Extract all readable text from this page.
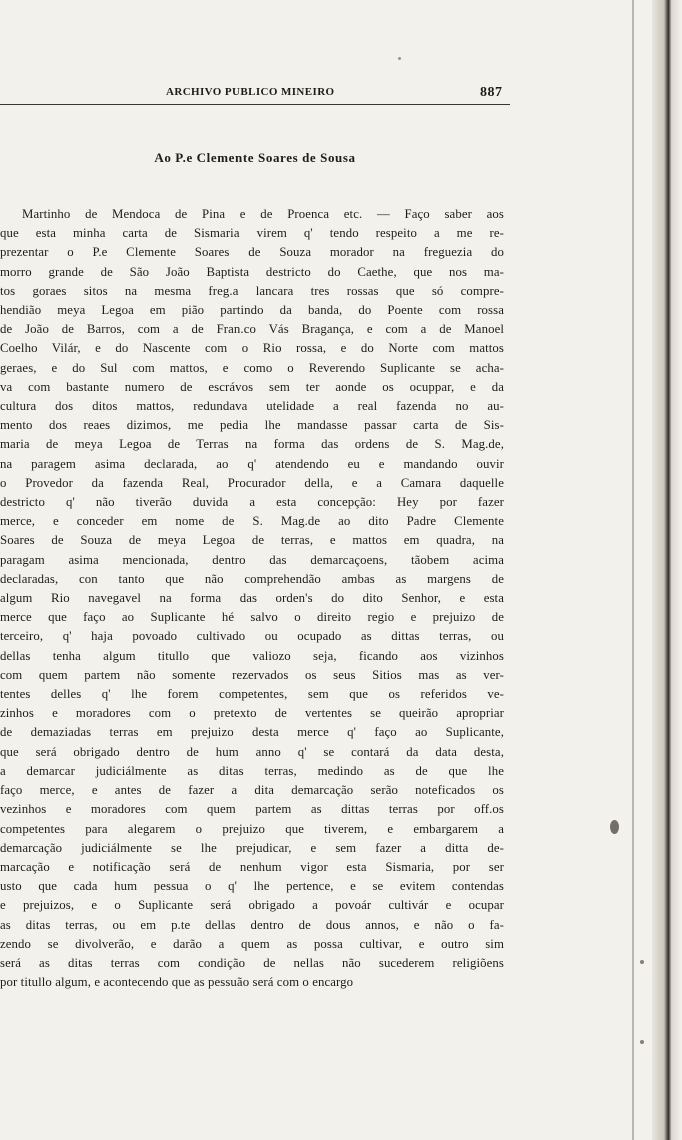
ARCHIVO PUBLICO MINEIRO	887
Ao P.e Clemente Soares de Sousa
Martinho de Mendoca de Pina e de Proenca etc. — Faço saber aos
que esta minha carta de Sismaria virem q' tendo respeito a me re-
prezentar o P.e Clemente Soares de Souza morador na freguezia do
morro grande de São João Baptista destricto do Caethe, que nos ma-
tos goraes sitos na mesma freg.a lancara tres rossas que só compre-
hendião meya Legoa em pião partindo da banda, do Poente com rossa
de João de Barros, com a de Fran.co Vás Bragança, e com a de Manoel
Coelho Vilár, e do Nascente com o Rio rossa, e do Norte com mattos
geraes, e do Sul com mattos, e como o Reverendo Suplicante se acha-
va com bastante numero de escrávos sem ter aonde os ocuppar, e da
cultura dos ditos mattos, redundava utelidade a real fazenda no au-
mento dos reaes dizimos, me pedia lhe mandasse passar carta de Sis-
maria de meya Legoa de Terras na forma das ordens de S. Mag.de,
na paragem asima declarada, ao q' atendendo eu e mandando ouvir
o Provedor da fazenda Real, Procurador della, e a Camara daquelle
destricto q' não tiverão duvida a esta concepção: Hey por fazer
merce, e conceder em nome de S. Mag.de ao dito Padre Clemente
Soares de Souza de meya Legoa de terras, e mattos em quadra, na
paragam asima mencionada, dentro das demarcaçoens, tãobem acima
declaradas, con tanto que não comprehendão ambas as margens de
algum Rio navegavel na forma das orden's do dito Senhor, e esta
merce que faço ao Suplicante hé salvo o direito regio e prejuizo de
terceiro, q' haja povoado cultivado ou ocupado as dittas terras, ou
dellas tenha algum titullo que valiozo seja, ficando aos vizinhos
com quem partem não somente rezervados os seus Sitios mas as ver-
tentes delles q' lhe forem competentes, sem que os referidos ve-
zinhos e moradores com o pretexto de vertentes se queirão apropriar
de demaziadas terras em prejuizo desta merce q' faço ao Suplicante,
que será obrigado dentro de hum anno q' se contará da data desta,
a demarcar judiciálmente as ditas terras, medindo as de que lhe
faço merce, e antes de fazer a dita demarcação serão noteficados os
vezinhos e moradores com quem partem as dittas terras por off.os
competentes para alegarem o prejuizo que tiverem, e embargarem a
demarcação judiciálmente se lhe prejudicar, e sem fazer a ditta de-
marcação e notificação será de nenhum vigor esta Sismaria, por ser
usto que cada hum pessua o q' lhe pertence, e se evitem contendas
e prejuizos, e o Suplicante será obrigado a povoár cultivár e ocupar
as ditas terras, ou em p.te dellas dentro de dous annos, e não o fa-
zendo se divolverão, e darão a quem as possa cultivar, e outro sim
será as ditas terras com condição de nellas não sucederem religiõens
por titullo algum, e acontecendo que as pessuão será com o encargo
